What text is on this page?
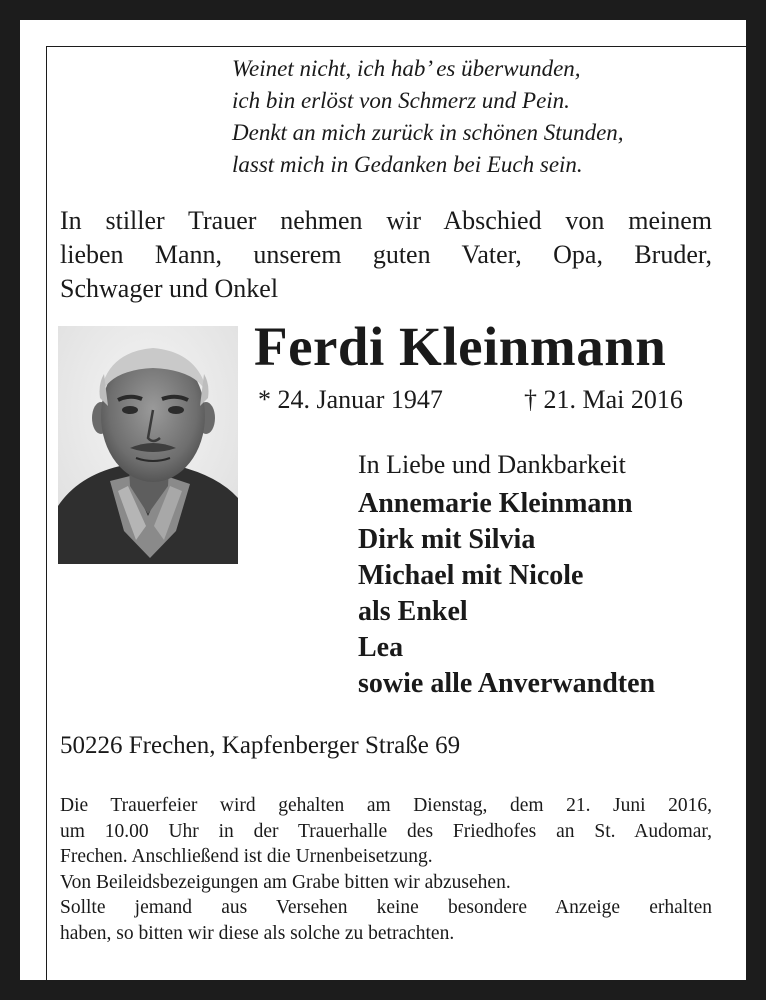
Weinet nicht, ich hab’ es überwunden,
ich bin erlöst von Schmerz und Pein.
Denkt an mich zurück in schönen Stunden,
lasst mich in Gedanken bei Euch sein.
In stiller Trauer nehmen wir Abschied von meinem
lieben Mann, unserem guten Vater, Opa, Bruder,
Schwager und Onkel
Ferdi Kleinmann
* 24. Januar 1947	† 21. Mai 2016
In Liebe und Dankbarkeit
Annemarie Kleinmann
Dirk mit Silvia
Michael mit Nicole
als Enkel
Lea
sowie alle Anverwandten
50226 Frechen, Kapfenberger Straße 69
Die Trauerfeier wird gehalten am Dienstag, dem 21. Juni 2016,
um 10.00 Uhr in der Trauerhalle des Friedhofes an St. Audomar,
Frechen. Anschließend ist die Urnenbeisetzung.
Von Beileidsbezeigungen am Grabe bitten wir abzusehen.
Sollte jemand aus Versehen keine besondere Anzeige erhalten
haben, so bitten wir diese als solche zu betrachten.
